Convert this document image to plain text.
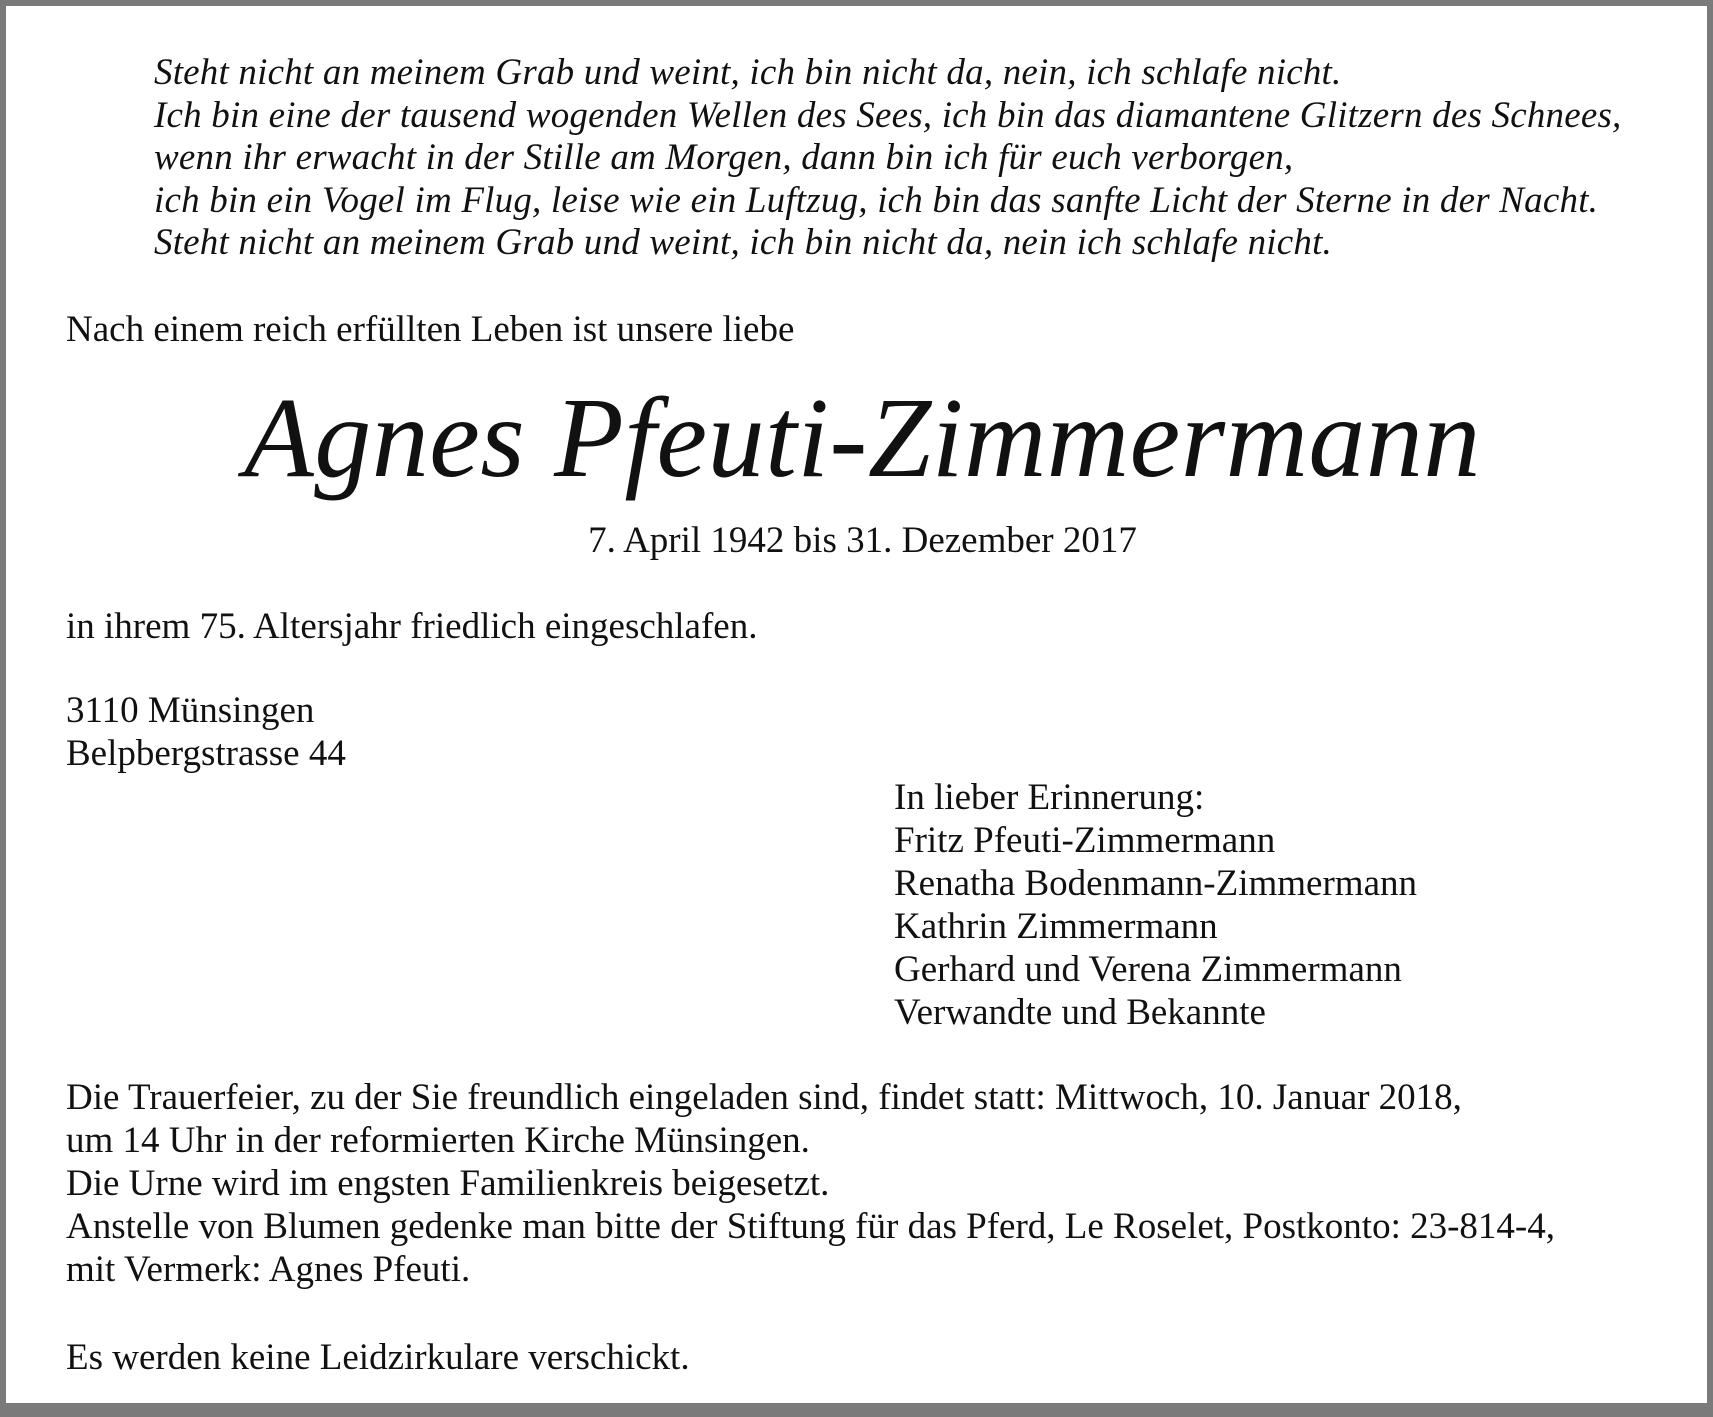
Steht nicht an meinem Grab und weint, ich bin nicht da, nein, ich schlafe nicht.
Ich bin eine der tausend wogenden Wellen des Sees, ich bin das diamantene Glitzern des Schnees,
wenn ihr erwacht in der Stille am Morgen, dann bin ich für euch verborgen,
ich bin ein Vogel im Flug, leise wie ein Luftzug, ich bin das sanfte Licht der Sterne in der Nacht.
Steht nicht an meinem Grab und weint, ich bin nicht da, nein ich schlafe nicht.
Nach einem reich erfüllten Leben ist unsere liebe
Agnes Pfeuti-Zimmermann
7. April 1942 bis 31. Dezember 2017
in ihrem 75. Altersjahr friedlich eingeschlafen.
3110 Münsingen
Belpbergstrasse 44
In lieber Erinnerung:
Fritz Pfeuti-Zimmermann
Renatha Bodenmann-Zimmermann
Kathrin Zimmermann
Gerhard und Verena Zimmermann
Verwandte und Bekannte
Die Trauerfeier, zu der Sie freundlich eingeladen sind, findet statt: Mittwoch, 10. Januar 2018,
um 14 Uhr in der reformierten Kirche Münsingen.
Die Urne wird im engsten Familienkreis beigesetzt.
Anstelle von Blumen gedenke man bitte der Stiftung für das Pferd, Le Roselet, Postkonto: 23-814-4,
mit Vermerk: Agnes Pfeuti.
Es werden keine Leidzirkulare verschickt.
